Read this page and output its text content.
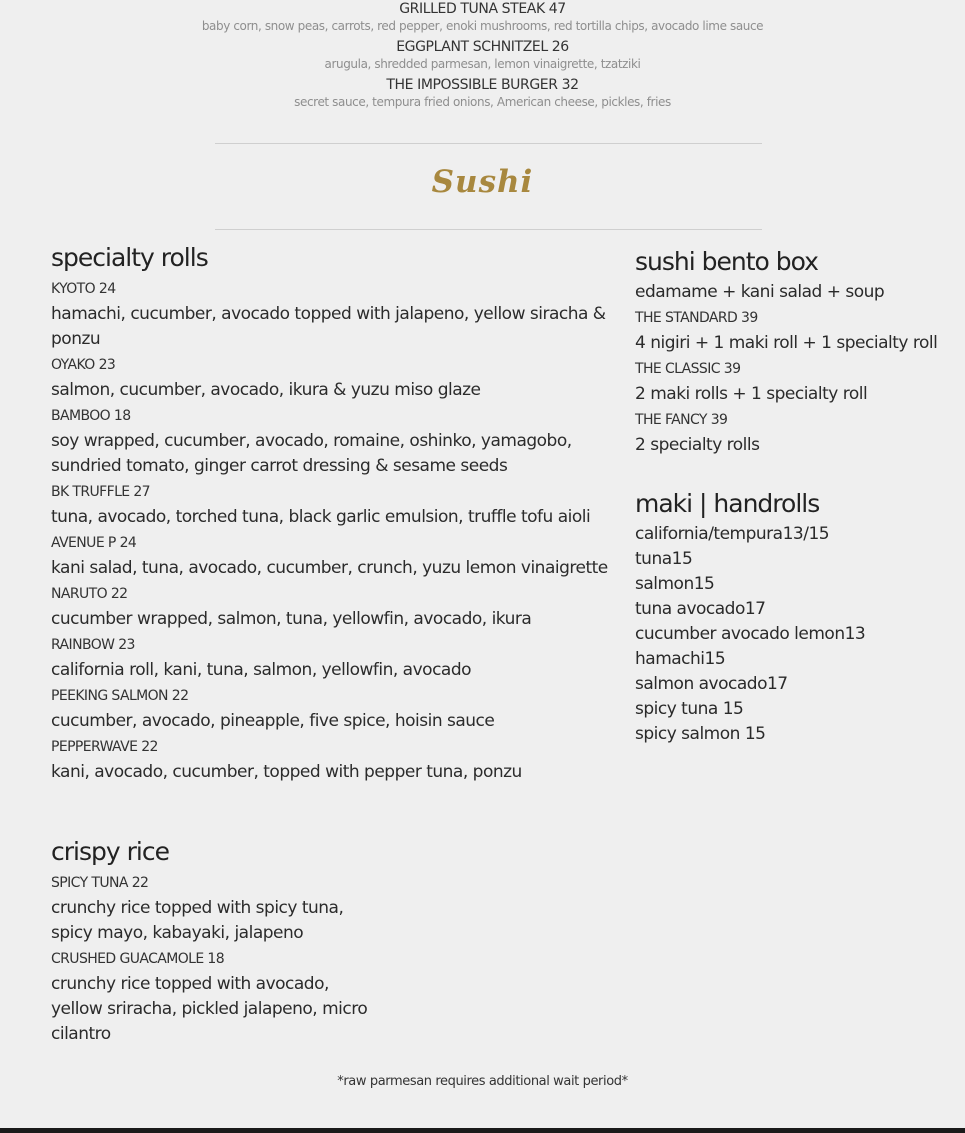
GRILLED TUNA STEAK 47
baby corn, snow peas, carrots, red pepper, enoki mushrooms, red tortilla chips, avocado lime sauce
EGGPLANT SCHNITZEL 26
arugula, shredded parmesan, lemon vinaigrette, tzatziki
THE IMPOSSIBLE BURGER 32
secret sauce, tempura fried onions, American cheese, pickles, fries
Sushi
specialty rolls
KYOTO 24
hamachi, cucumber, avocado topped with jalapeno, yellow siracha & ponzu
OYAKO 23
salmon, cucumber, avocado, ikura & yuzu miso glaze
BAMBOO 18
soy wrapped, cucumber, avocado, romaine, oshinko, yamagobo, sundried tomato, ginger carrot dressing & sesame seeds
BK TRUFFLE 27
tuna, avocado, torched tuna, black garlic emulsion, truffle tofu aioli
AVENUE P 24
kani salad, tuna, avocado, cucumber, crunch, yuzu lemon vinaigrette
NARUTO 22
cucumber wrapped, salmon, tuna, yellowfin, avocado, ikura
RAINBOW 23
california roll, kani, tuna, salmon, yellowfin, avocado
PEEKING SALMON 22
cucumber, avocado, pineapple, five spice, hoisin sauce
PEPPERWAVE 22
kani, avocado, cucumber, topped with pepper tuna, ponzu
crispy rice
SPICY TUNA 22
crunchy rice topped with spicy tuna, spicy mayo, kabayaki, jalapeno
CRUSHED GUACAMOLE 18
crunchy rice topped with avocado, yellow sriracha, pickled jalapeno, micro cilantro
sushi bento box
edamame + kani salad + soup
THE STANDARD 39
4 nigiri + 1 maki roll + 1 specialty roll
THE CLASSIC 39
2 maki rolls + 1 specialty roll
THE FANCY 39
2 specialty rolls
maki | handrolls
california/tempura13/15
tuna15
salmon15
tuna avocado17
cucumber avocado lemon13
hamachi15
salmon avocado17
spicy tuna 15
spicy salmon 15
*raw parmesan requires additional wait period*
